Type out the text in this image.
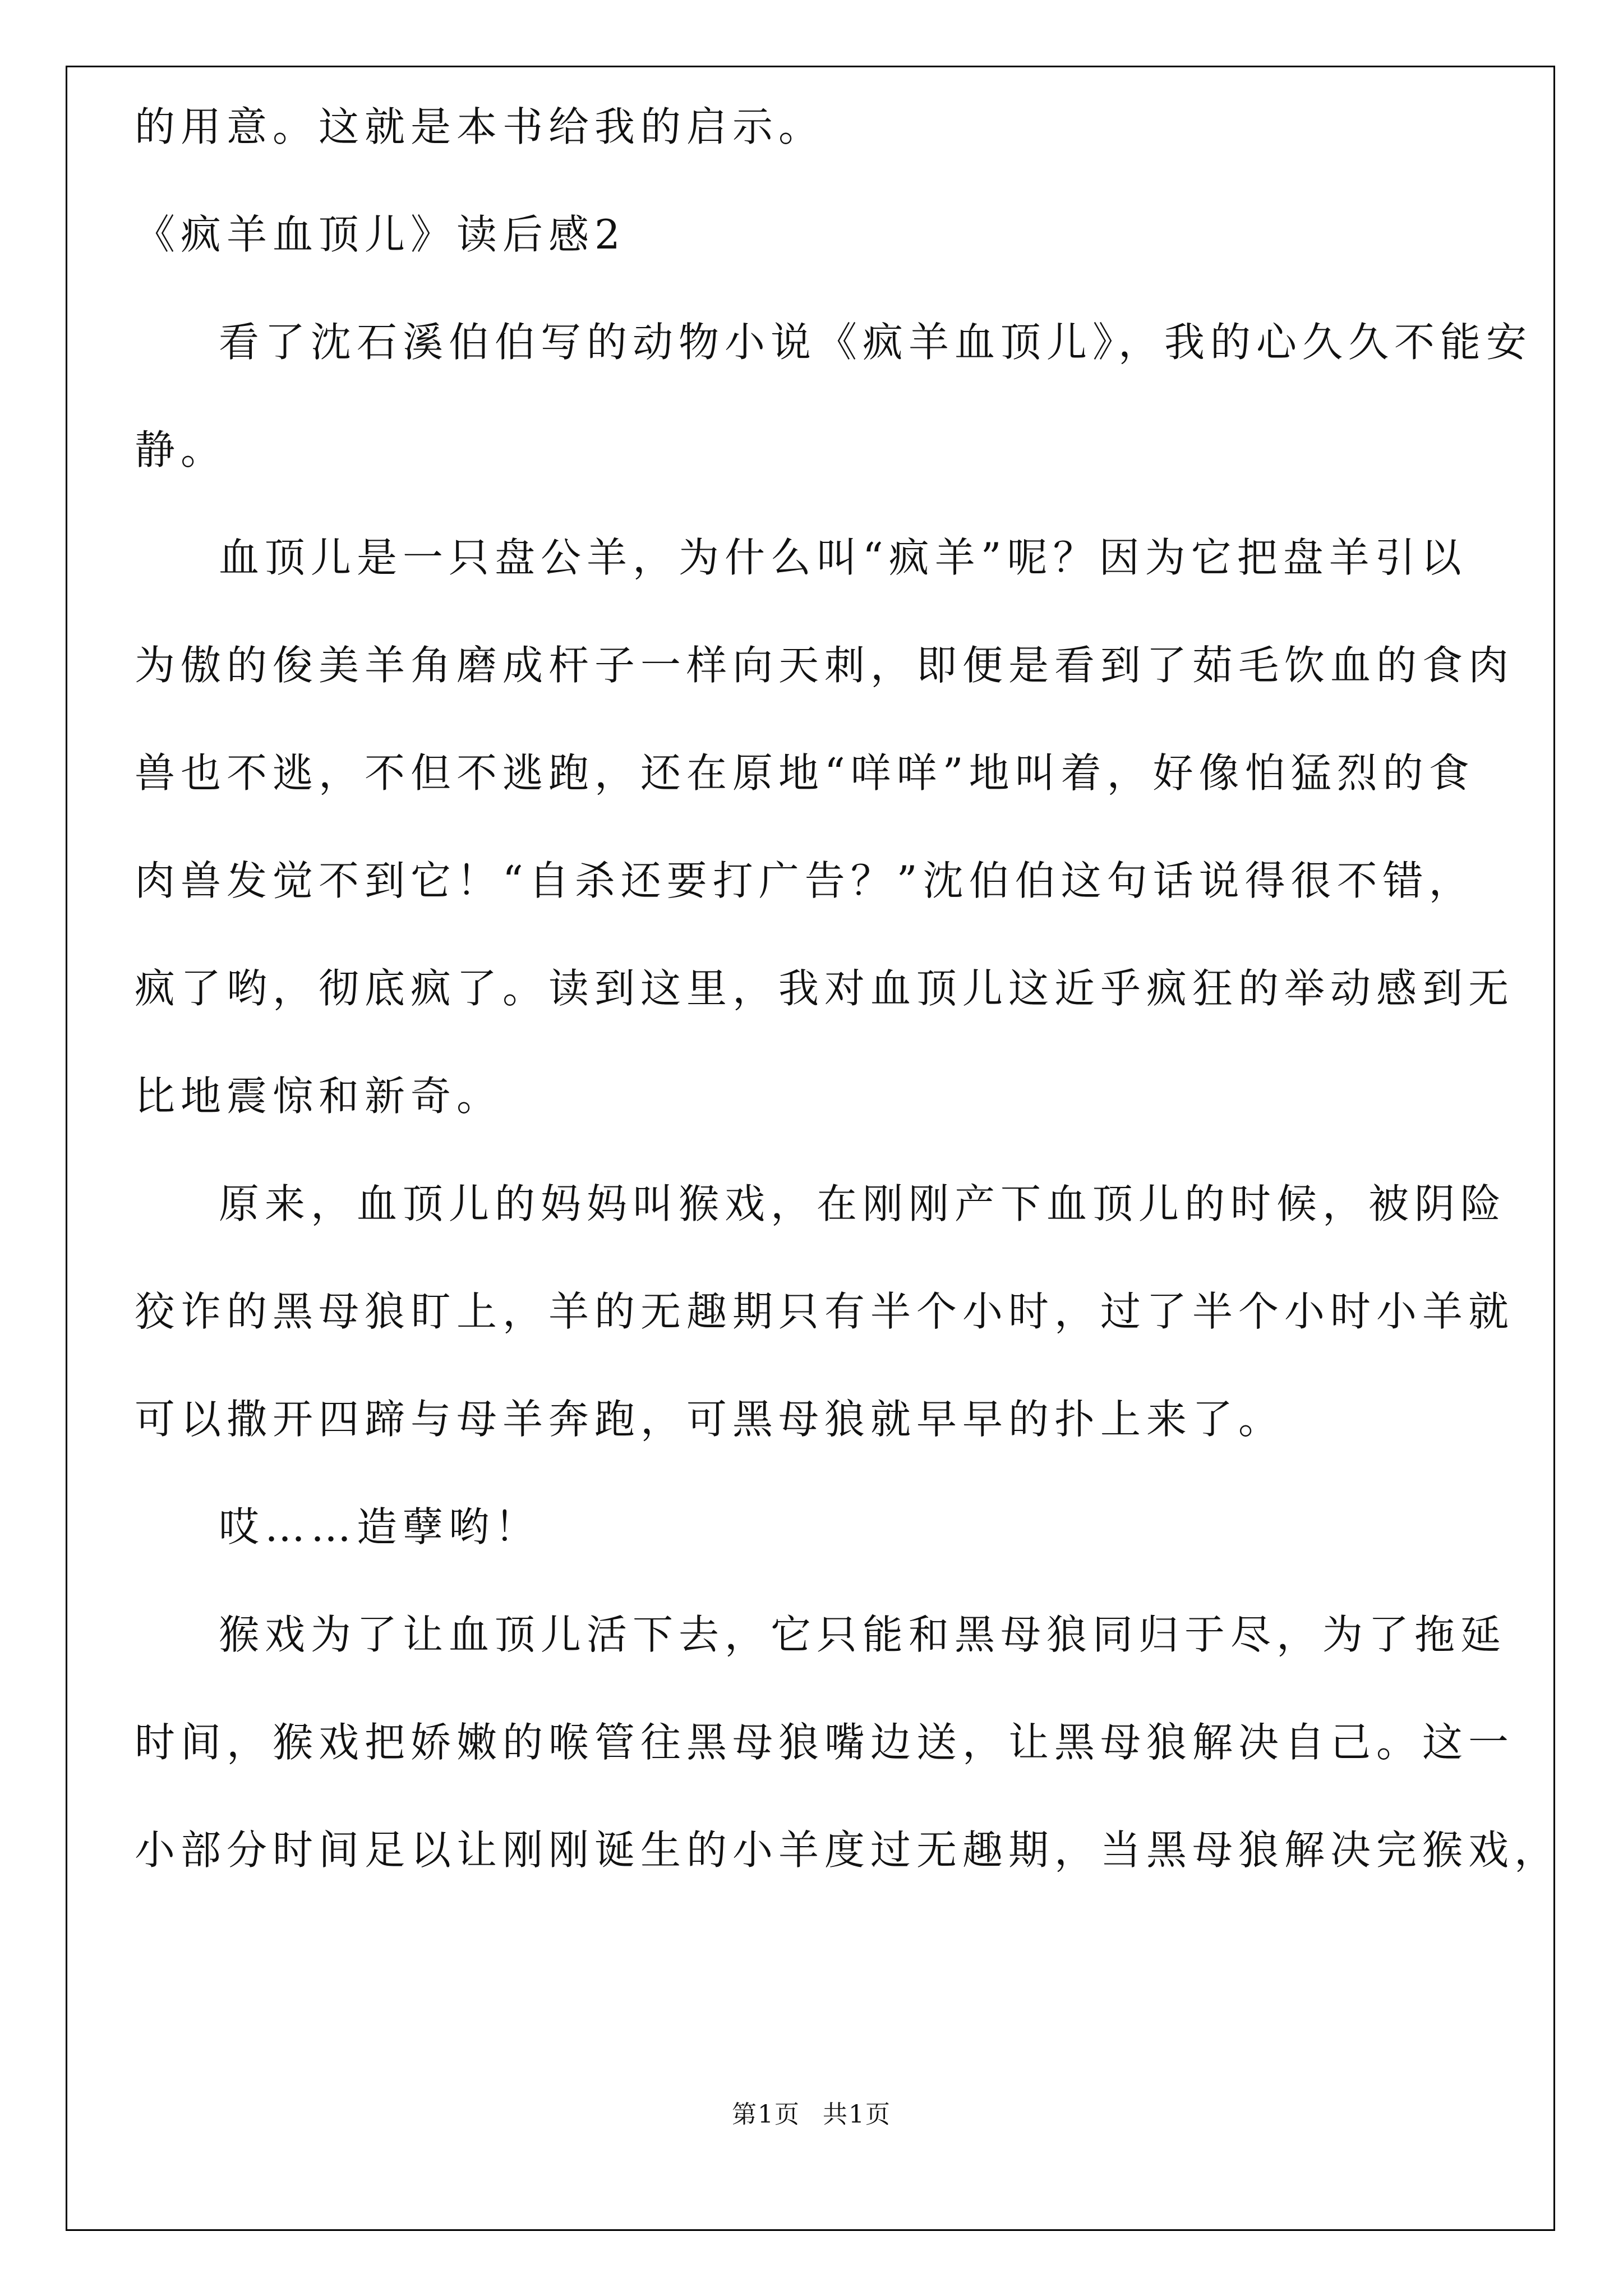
的用意。这就是本书给我的启示。
《疯羊血顶儿》读后感2
看了沈石溪伯伯写的动物小说《疯羊血顶儿》，我的心久久不能安
静。
血顶儿是一只盘公羊，为什么叫“疯羊”呢？因为它把盘羊引以
为傲的俊美羊角磨成杆子一样向天刺，即便是看到了茹毛饮血的食肉
兽也不逃，不但不逃跑，还在原地“咩咩”地叫着，好像怕猛烈的食
肉兽发觉不到它！“自杀还要打广告？”沈伯伯这句话说得很不错，
疯了哟，彻底疯了。读到这里，我对血顶儿这近乎疯狂的举动感到无
比地震惊和新奇。
原来，血顶儿的妈妈叫猴戏，在刚刚产下血顶儿的时候，被阴险
狡诈的黑母狼盯上，羊的无趣期只有半个小时，过了半个小时小羊就
可以撒开四蹄与母羊奔跑，可黑母狼就早早的扑上来了。
哎……造孽哟！
猴戏为了让血顶儿活下去，它只能和黑母狼同归于尽，为了拖延
时间，猴戏把娇嫩的喉管往黑母狼嘴边送，让黑母狼解决自己。这一
小部分时间足以让刚刚诞生的小羊度过无趣期，当黑母狼解决完猴戏，
第1页 共1页
